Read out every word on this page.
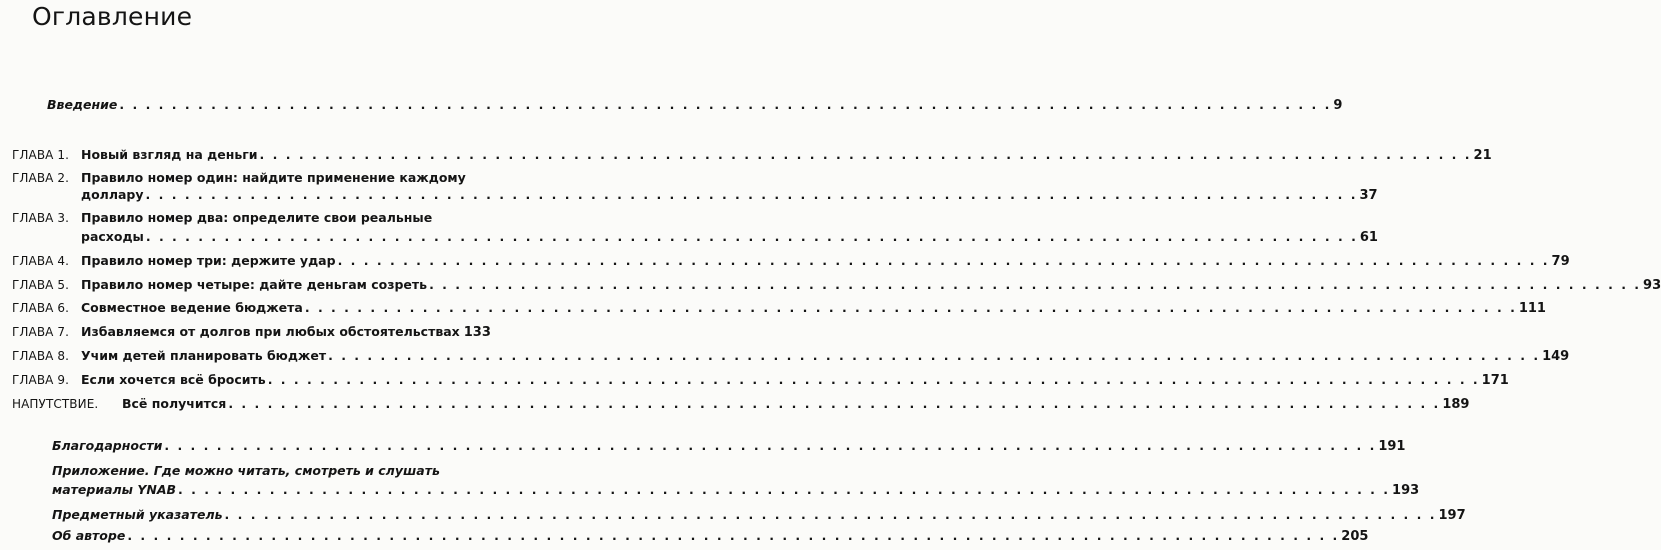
Оглавление
Введение . . .	9
ГЛАВА 1. Новый взгляд на деньги . . .	21
ГЛАВА 2. Правило номер один: найдите применение каждому
доллару . . .	37
ГЛАВА 3. Правило номер два: определите свои реальные
расходы . . .	61
ГЛАВА 4. Правило номер три: держите удар . . .	79
ГЛАВА 5. Правило номер четыре: дайте деньгам созреть . . .	93
ГЛАВА 6. Совместное ведение бюджета . . .	111
ГЛАВА 7. Избавляемся от долгов при любых обстоятельствах 133
ГЛАВА 8. Учим детей планировать бюджет . . .	149
ГЛАВА 9. Если хочется всё бросить . . .	171
НАПУТСТВИЕ. Всё получится . . .	189
Благодарности . . .	191
Приложение. Где можно читать, смотреть и слушать
материалы YNAB . . .	193
Предметный указатель . . .	197
Об авторе . . .	205
